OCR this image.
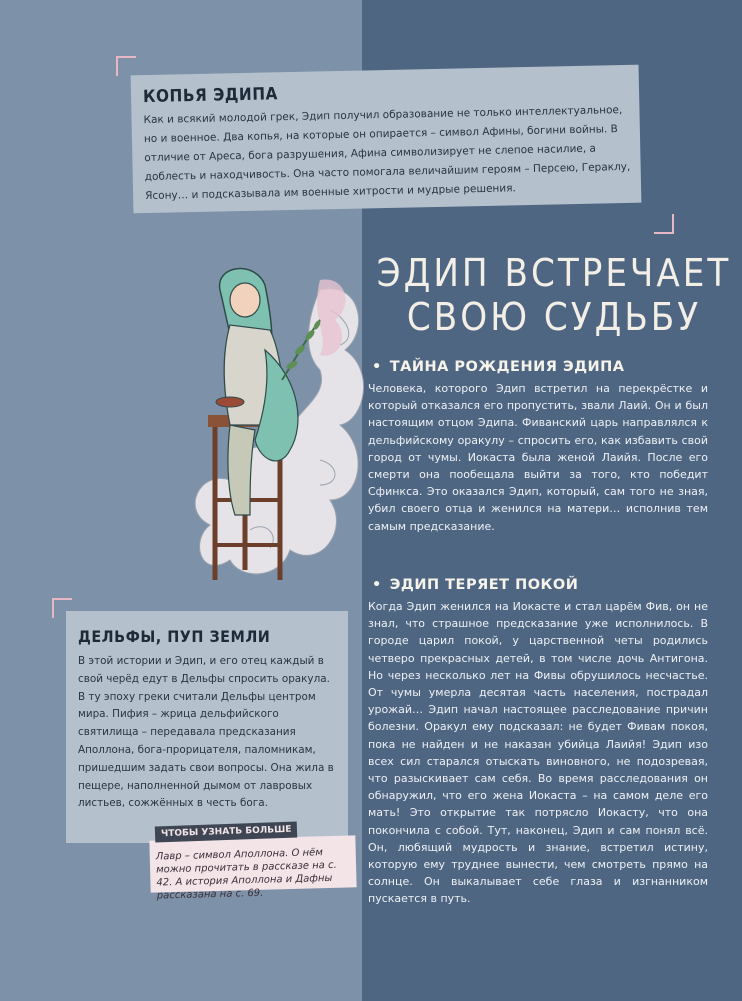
КОПЬЯ ЭДИПА

Как и всякий молодой грек, Эдип получил образование не только интеллектуальное, но и военное. Два копья, на которые он опирается – символ Афины, богини войны. В отличие от Ареса, бога разрушения, Афина символизирует не слепое насилие, а доблесть и находчивость. Она часто помогала величайшим героям – Персею, Гераклу, Ясону… и подсказывала им военные хитрости и мудрые решения.

ЭДИП ВСТРЕЧАЕТ СВОЮ СУДЬБУ
• ТАЙНА РОЖДЕНИЯ ЭДИПА
Человека, которого Эдип встретил на перекрёстке и который отказался его пропустить, звали Лаий. Он и был настоящим отцом Эдипа. Фиванский царь направлялся к дельфийскому оракулу – спросить его, как избавить свой город от чумы. Иокаста была женой Лаийя. После его смерти она пообещала выйти за того, кто победит Сфинкса. Это оказался Эдип, который, сам того не зная, убил своего отца и женился на матери… исполнив тем самым предсказание.
• ЭДИП ТЕРЯЕТ ПОКОЙ
Когда Эдип женился на Иокасте и стал царём Фив, он не знал, что страшное предсказание уже исполнилось. В городе царил покой, у царственной четы родились четверо прекрасных детей, в том числе дочь Антигона. Но через несколько лет на Фивы обрушилось несчастье. От чумы умерла десятая часть населения, пострадал урожай… Эдип начал настоящее расследование причин болезни. Оракул ему подсказал: не будет Фивам покоя, пока не найден и не наказан убийца Лаийя! Эдип изо всех сил старался отыскать виновного, не подозревая, что разыскивает сам себя. Во время расследования он обнаружил, что его жена Иокаста – на самом деле его мать! Это открытие так потрясло Иокасту, что она покончила с собой. Тут, наконец, Эдип и сам понял всё. Он, любящий мудрость и знание, встретил истину, которую ему труднее вынести, чем смотреть прямо на солнце. Он выкалывает себе глаза и изгнанником пускается в путь.
ДЕЛЬФЫ, ПУП ЗЕМЛИ

В этой истории и Эдип, и его отец каждый в свой черёд едут в Дельфы спросить оракула. В ту эпоху греки считали Дельфы центром мира. Пифия – жрица дельфийского святилища – передавала предсказания Аполлона, бога-прорицателя, паломникам, пришедшим задать свои вопросы. Она жила в пещере, наполненной дымом от лавровых листьев, сожжённых в честь бога.

Лавр – символ Аполлона. О нём можно прочитать в рассказе на с. 42. А история Аполлона и Дафны рассказана на с. 69.

ЧТОБЫ УЗНАТЬ БОЛЬШЕ
